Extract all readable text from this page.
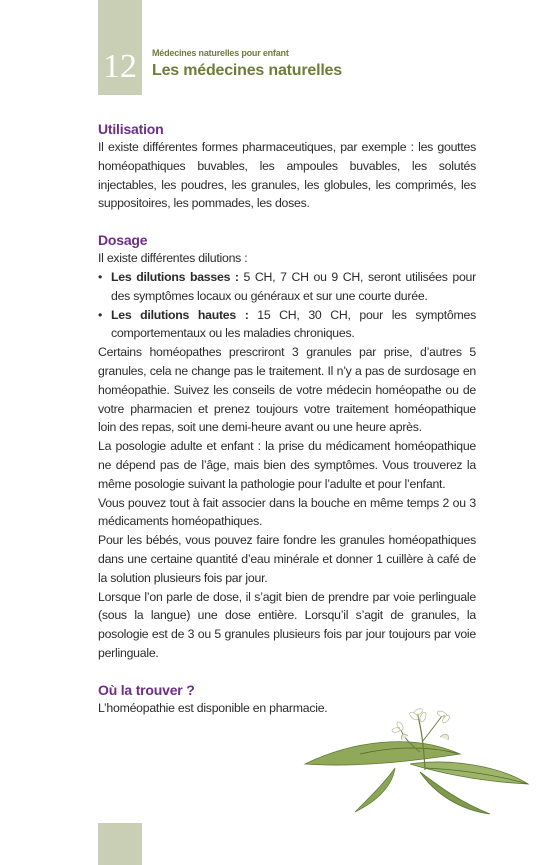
12	Médecines naturelles pour enfant
Les médecines naturelles
Utilisation

Il existe différentes formes pharmaceutiques, par exemple : les gouttes homéopathiques buvables, les ampoules buvables, les solutés injectables, les poudres, les granules, les globules, les comprimés, les suppositoires, les pommades, les doses.

Dosage

Il existe différentes dilutions :

• Les dilutions basses : 5 CH, 7 CH ou 9 CH, seront utilisées pour des symptômes locaux ou généraux et sur une courte durée.
• Les dilutions hautes : 15 CH, 30 CH, pour les symptômes comportementaux ou les maladies chroniques.

Certains homéopathes prescriront 3 granules par prise, d’autres 5 granules, cela ne change pas le traitement. Il n’y a pas de surdosage en homéopathie. Suivez les conseils de votre médecin homéopathe ou de votre pharmacien et prenez toujours votre traitement homéopathique loin des repas, soit une demi-heure avant ou une heure après.

La posologie adulte et enfant : la prise du médicament homéopathique ne dépend pas de l’âge, mais bien des symptômes. Vous trouverez la même posologie suivant la pathologie pour l’adulte et pour l’enfant.

Vous pouvez tout à fait associer dans la bouche en même temps 2 ou 3 médicaments homéopathiques.

Pour les bébés, vous pouvez faire fondre les granules homéopathiques dans une certaine quantité d’eau minérale et donner 1 cuillère à café de la solution plusieurs fois par jour.

Lorsque l’on parle de dose, il s’agit bien de prendre par voie perlinguale (sous la langue) une dose entière. Lorsqu’il s’agit de granules, la posologie est de 3 ou 5 granules plusieurs fois par jour toujours par voie perlinguale.

Où la trouver ?

L’homéopathie est disponible en pharmacie.
